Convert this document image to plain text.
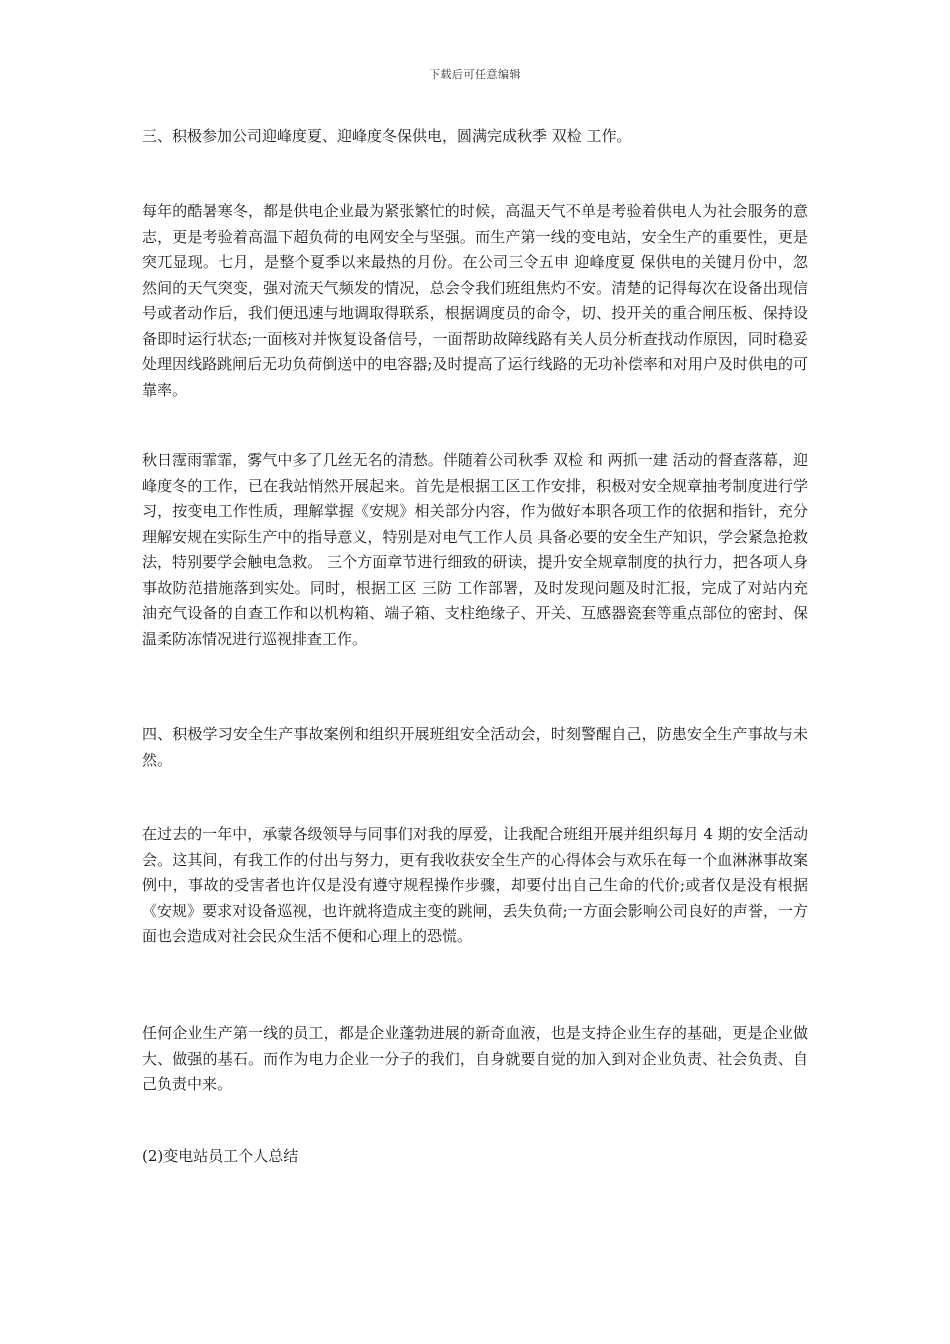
下载后可任意编辑

三、积极参加公司迎峰度夏、迎峰度冬保供电，圆满完成秋季 双检 工作。

每年的酷暑寒冬，都是供电企业最为紧张繁忙的时候，高温天气不单是考验着供电人为社会服务的意志，更是考验着高温下超负荷的电网安全与坚强。而生产第一线的变电站，安全生产的重要性，更是突兀显现。七月，是整个夏季以来最热的月份。在公司三令五申 迎峰度夏 保供电的关键月份中，忽然间的天气突变，强对流天气频发的情况，总会令我们班组焦灼不安。清楚的记得每次在设备出现信号或者动作后，我们便迅速与地调取得联系，根据调度员的命令，切、投开关的重合闸压板、保持设备即时运行状态;一面核对并恢复设备信号，一面帮助故障线路有关人员分析查找动作原因，同时稳妥处理因线路跳闸后无功负荷倒送中的电容器;及时提高了运行线路的无功补偿率和对用户及时供电的可靠率。

秋日霪雨霏霏，雾气中多了几丝无名的清愁。伴随着公司秋季 双检 和 两抓一建 活动的督查落幕，迎峰度冬的工作，已在我站悄然开展起来。首先是根据工区工作安排，积极对安全规章抽考制度进行学习，按变电工作性质，理解掌握《安规》相关部分内容，作为做好本职各项工作的依据和指针，充分理解安规在实际生产中的指导意义，特别是对电气工作人员 具备必要的安全生产知识，学会紧急抢救法，特别要学会触电急救。 三个方面章节进行细致的研读，提升安全规章制度的执行力，把各项人身事故防范措施落到实处。同时，根据工区 三防 工作部署，及时发现问题及时汇报，完成了对站内充油充气设备的自查工作和以机构箱、端子箱、支柱绝缘子、开关、互感器瓷套等重点部位的密封、保温柔防冻情况进行巡视排查工作。

四、积极学习安全生产事故案例和组织开展班组安全活动会，时刻警醒自己，防患安全生产事故与未然。

在过去的一年中，承蒙各级领导与同事们对我的厚爱，让我配合班组开展并组织每月 4 期的安全活动会。这其间，有我工作的付出与努力，更有我收获安全生产的心得体会与欢乐在每一个血淋淋事故案例中，事故的受害者也许仅是没有遵守规程操作步骤，却要付出自己生命的代价;或者仅是没有根据《安规》要求对设备巡视，也许就将造成主变的跳闸，丢失负荷;一方面会影响公司良好的声誉，一方面也会造成对社会民众生活不便和心理上的恐慌。

任何企业生产第一线的员工，都是企业蓬勃进展的新奇血液，也是支持企业生存的基础，更是企业做大、做强的基石。而作为电力企业一分子的我们，自身就要自觉的加入到对企业负责、社会负责、自己负责中来。

(2)变电站员工个人总结
